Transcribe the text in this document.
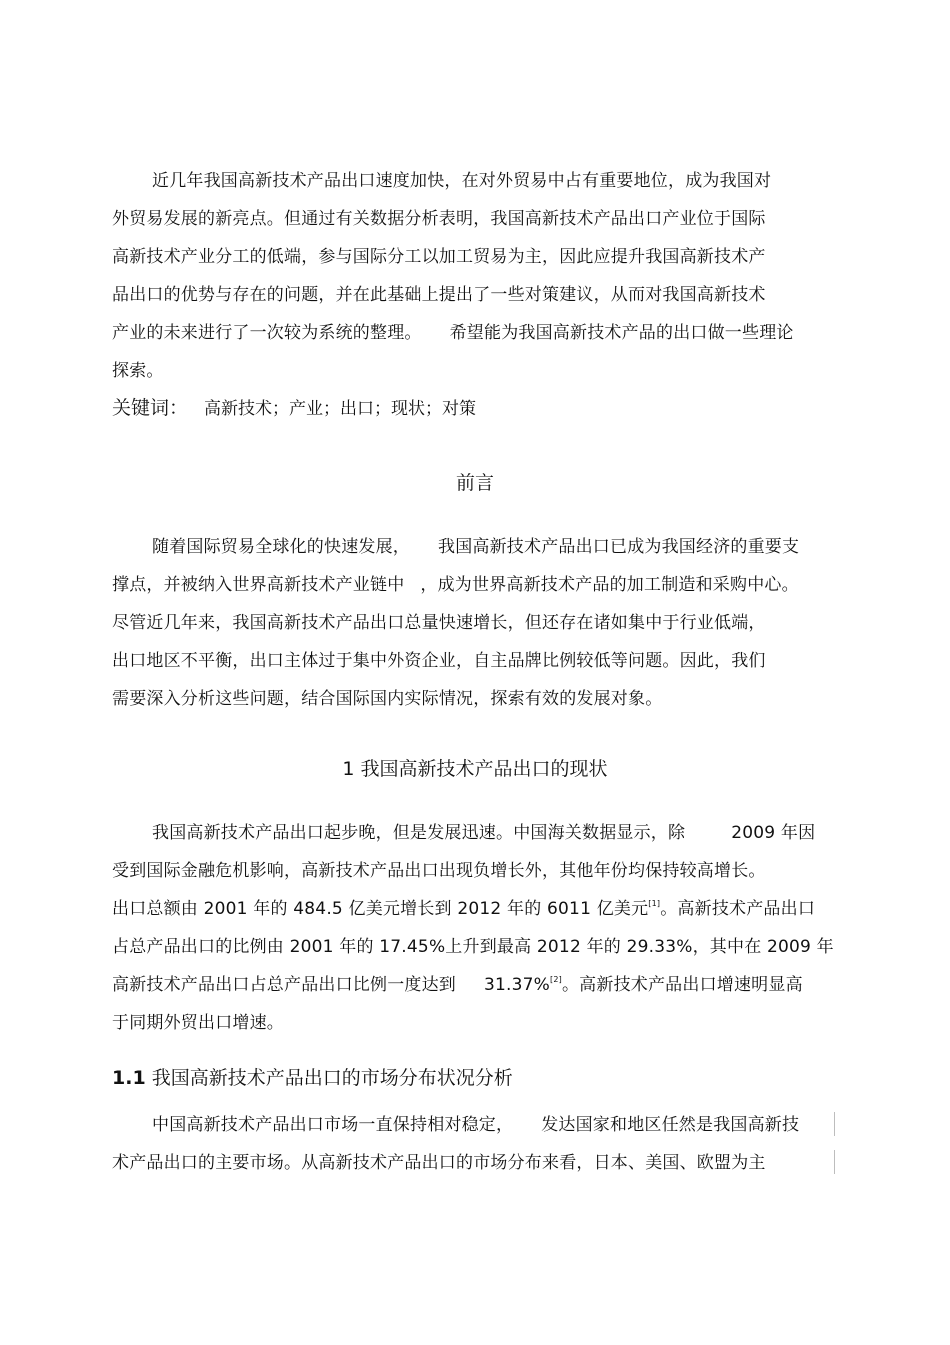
近几年我国高新技术产品出口速度加快，在对外贸易中占有重要地位，成为我国对
外贸易发展的新亮点。但通过有关数据分析表明，我国高新技术产品出口产业位于国际
高新技术产业分工的低端，参与国际分工以加工贸易为主，因此应提升我国高新技术产
品出口的优势与存在的问题，并在此基础上提出了一些对策建议，从而对我国高新技术
产业的未来进行了一次较为系统的整理。 希望能为我国高新技术产品的出口做一些理论
探索。
关键词： 高新技术；产业；出口；现状；对策
前言
随着国际贸易全球化的快速发展， 我国高新技术产品出口已成为我国经济的重要支
撑点，并被纳入世界高新技术产业链中 ，成为世界高新技术产品的加工制造和采购中心。
尽管近几年来，我国高新技术产品出口总量快速增长，但还存在诸如集中于行业低端，
出口地区不平衡，出口主体过于集中外资企业，自主品牌比例较低等问题。因此，我们
需要深入分析这些问题，结合国际国内实际情况，探索有效的发展对象。
1 我国高新技术产品出口的现状
我国高新技术产品出口起步晚，但是发展迅速。中国海关数据显示，除	2009 年因
受到国际金融危机影响，高新技术产品出口出现负增长外，其他年份均保持较高增长。
出口总额由 2001 年的 484.5 亿美元增长到 2012 年的 6011 亿美元[1]。高新技术产品出口
占总产品出口的比例由 2001 年的 17.45%上升到最高 2012 年的 29.33%，其中在 2009 年
高新技术产品出口占总产品出口比例一度达到 31.37%[2]。高新技术产品出口增速明显高
于同期外贸出口增速。
1.1 我国高新技术产品出口的市场分布状况分析
中国高新技术产品出口市场一直保持相对稳定， 发达国家和地区任然是我国高新技
术产品出口的主要市场。从高新技术产品出口的市场分布来看，日本、美国、欧盟为主
